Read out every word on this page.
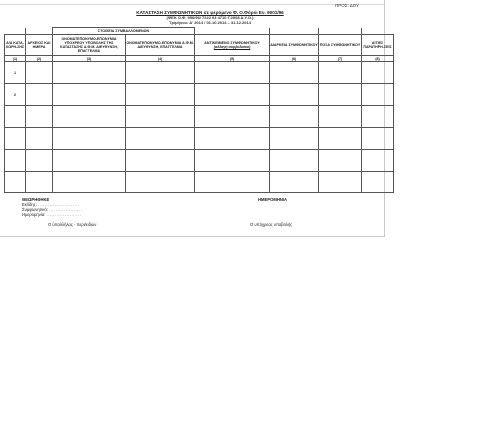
ΠΡΟΣ: ΔΟΥ
ΚΑΤΑΣΤΑΣΗ ΣΥΜΦΩΝΗΤΙΚΩΝ σε φερόμενο Φ. Ο.Φόροι Εν. 9001/96
(ΦΕΚ Ο.Φ. 956/96/ 7222 03 4710 Γ.2008 Α.Υ.Ο.)
Τριμήνου: Δ' 2014 / 01.10.2014 – 31.12.2014
		ΣΤΟΙΧΕΙΑ ΣΥΜΒΑΛΛΟΜΕΝΩΝ					
Α/Α ΚΑΤΑ-ΧΩΡΗ-ΣΗΣ	ΑΡΧΕΙΟΣ ΚΑΙ ΗΜΕΡΑ	ΟΝΟΜΑΤΕΠΩΝΥΜΟ-ΕΠΩΝΥΜΙΑ ΥΠΟΧΡΕΟΥ ΥΠΟΒΟΛΗΣ ΤΗΣ ΚΑΤΑΣΤΑΣΗΣ Α.Φ.Μ. ΔΙΕΥΘΥΝΣΗ, ΕΠΑΓΓΕΛΜΑ	ΟΝΟΜΑΤΕΠΩΝΥΜΟ-ΕΠΩΝΥΜΙΑ Α.Φ.Μ. ΔΙΕΥΘΥΝΣΗ, ΕΠΑΓΓΕΛΜΑ	ΑΝΤΙΚΕΙΜΕΝΟ ΣΥΜΦΩΝΗΤΙΚΟΥ
(αλλαγή συμβολαίου)	ΔΙΑΡΚΕΙΑ ΣΥΜΦΩΝΗΤΙΚΟΥ	ΠΟΣΑ ΣΥΜΦΩΝΗΤΙΚΟΥ	ΑΙΤΙΕΣ ΠΑΡΑΤΗΡΗ-ΣΕΙΣ
(1)	(2)	(3)	(4)	(5)	(6)	(7)	(8)
1							
2							

ΘΕΩΡΗΘΗΚΕ
Εκ/ίδης: .........................
Συμφωνητικό: ....................
Ημερομηνία: .....................
ΗΜΕΡΟΜΗΝΙΑ
Ο ύπαλλήλος - περι/ειδών	Ο υπόχρεος υποβολής
